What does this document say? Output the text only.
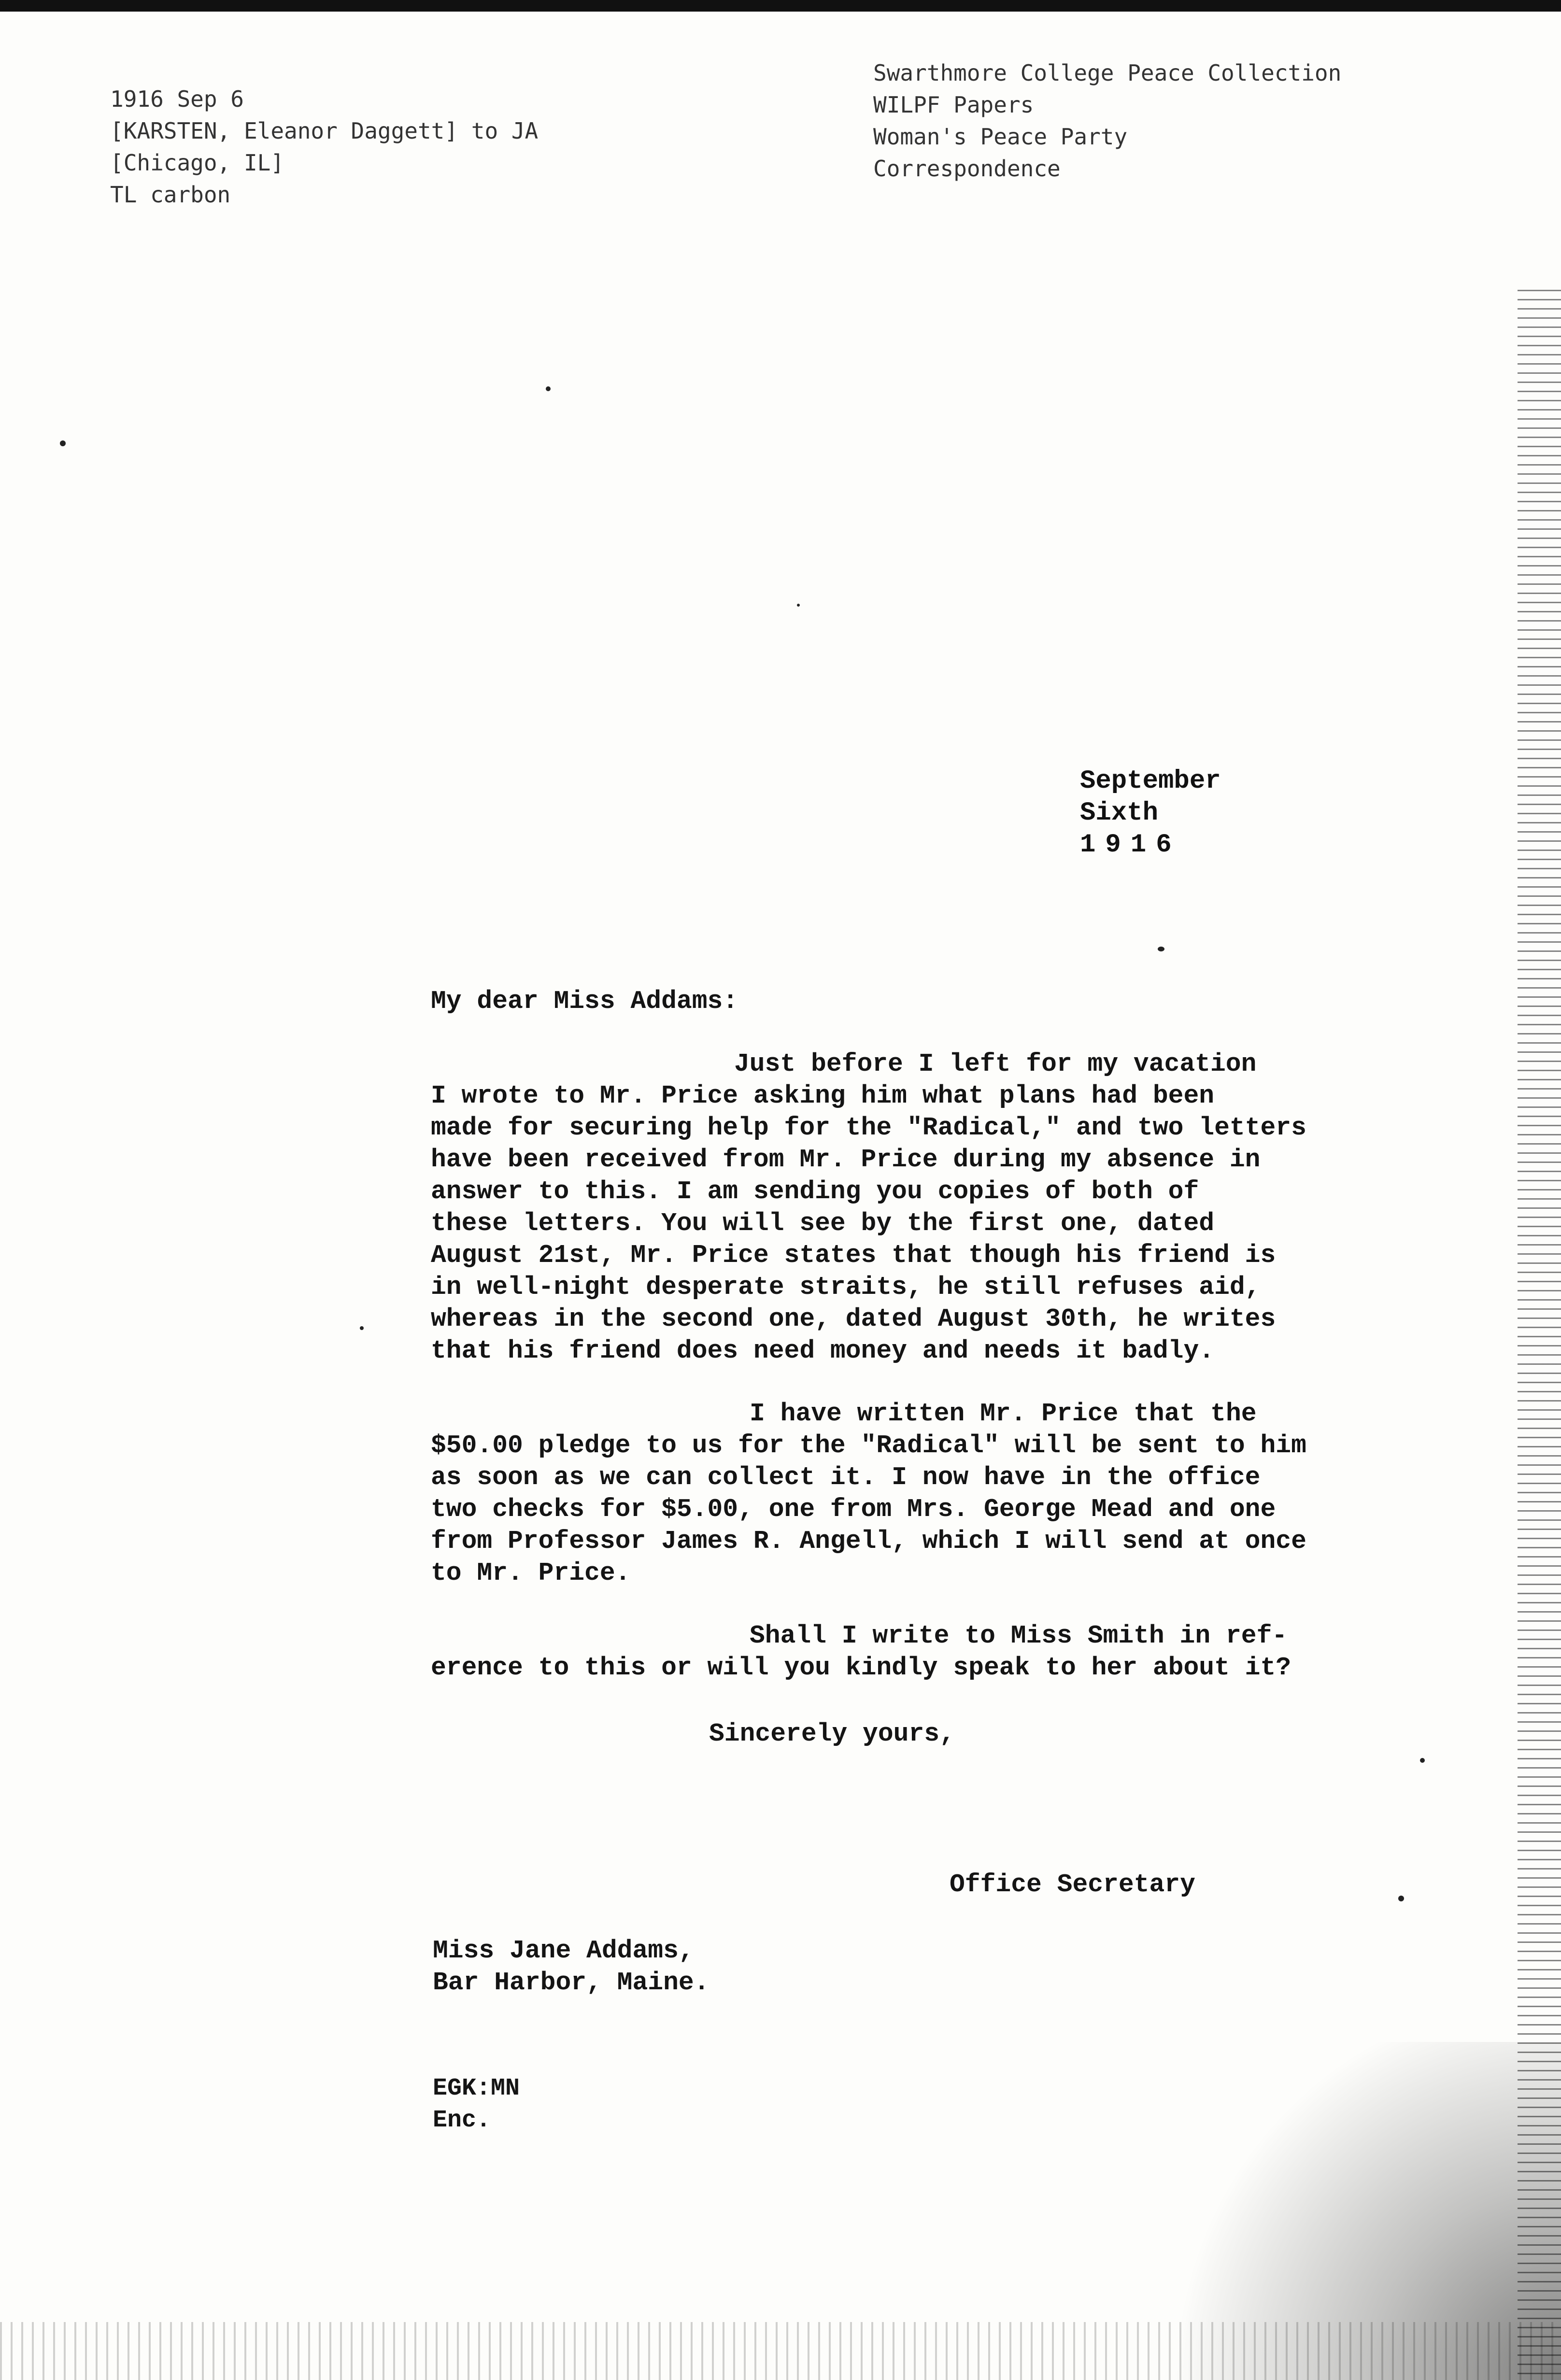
1916 Sep 6
[KARSTEN, Eleanor Daggett] to JA
[Chicago, IL]
TL carbon
Swarthmore College Peace Collection
WILPF Papers
Woman's Peace Party
Correspondence
September
Sixth
1916

My dear Miss Addams:

Just before I left for my vacation
I wrote to Mr. Price asking him what plans had been
made for securing help for the "Radical," and two letters
have been received from Mr. Price during my absence in
answer to this. I am sending you copies of both of
these letters. You will see by the first one, dated
August 21st, Mr. Price states that though his friend is
in well-night desperate straits, he still refuses aid,
whereas in the second one, dated August 30th, he writes
that his friend does need money and needs it badly.

I have written Mr. Price that the
$50.00 pledge to us for the "Radical" will be sent to him
as soon as we can collect it. I now have in the office
two checks for $5.00, one from Mrs. George Mead and one
from Professor James R. Angell, which I will send at once
to Mr. Price.

Shall I write to Miss Smith in ref-
erence to this or will you kindly speak to her about it?

Sincerely yours,
Office Secretary
Miss Jane Addams,
Bar Harbor, Maine.
EGK:MN
Enc.
